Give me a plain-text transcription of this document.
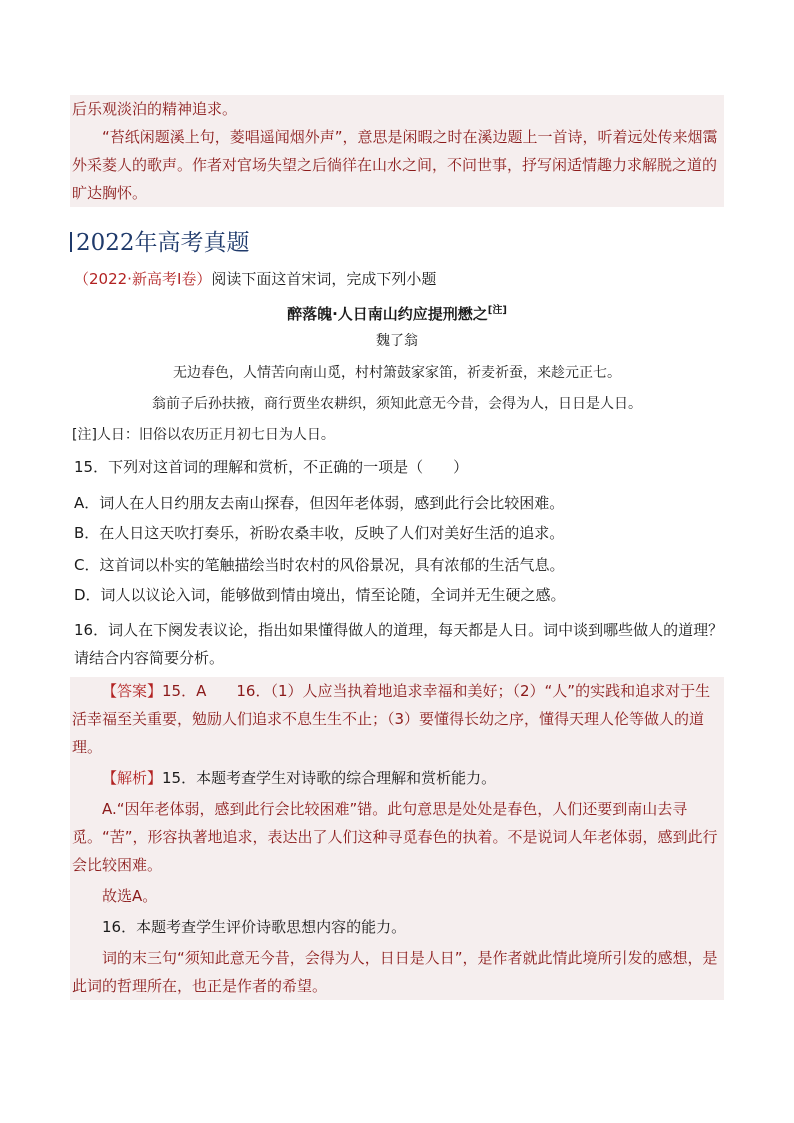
后乐观淡泊的精神追求。

“苔纸闲题溪上句，菱唱遥闻烟外声”，意思是闲暇之时在溪边题上一首诗，听着远处传来烟霭外采菱人的歌声。作者对官场失望之后徜徉在山水之间，不问世事，抒写闲适情趣力求解脱之道的旷达胸怀。

2022年高考真题
（2022·新高考Ⅰ卷）阅读下面这首宋词，完成下列小题
醉落魄·人日南山约应提刑懋之[注]
魏了翁
无边春色，人情苦向南山觅，村村箫鼓家家笛，祈麦祈蚕，来趁元正七。
翁前子后孙扶掖，商行贾坐农耕织，须知此意无今昔，会得为人，日日是人日。
[注]人日：旧俗以农历正月初七日为人日。
15．下列对这首词的理解和赏析，不正确的一项是（　　）
A．词人在人日约朋友去南山探春，但因年老体弱，感到此行会比较困难。
B．在人日这天吹打奏乐，祈盼农桑丰收，反映了人们对美好生活的追求。
C．这首词以朴实的笔触描绘当时农村的风俗景况，具有浓郁的生活气息。
D．词人以议论入词，能够做到情由境出，情至论随，全词并无生硬之感。
16．词人在下阕发表议论，指出如果懂得做人的道理，每天都是人日。词中谈到哪些做人的道理？请结合内容简要分析。

【答案】15．A　　16．（1）人应当执着地追求幸福和美好；（2）“人”的实践和追求对于生活幸福至关重要，勉励人们追求不息生生不止；（3）要懂得长幼之序，懂得天理人伦等做人的道理。

【解析】15．本题考查学生对诗歌的综合理解和赏析能力。

A.“因年老体弱，感到此行会比较困难”错。此句意思是处处是春色，人们还要到南山去寻觅。“苦”，形容执著地追求，表达出了人们这种寻觅春色的执着。不是说词人年老体弱，感到此行会比较困难。

故选A。

16．本题考查学生评价诗歌思想内容的能力。

词的末三句“须知此意无今昔，会得为人，日日是人日”，是作者就此情此境所引发的感想，是此词的哲理所在，也正是作者的希望。
